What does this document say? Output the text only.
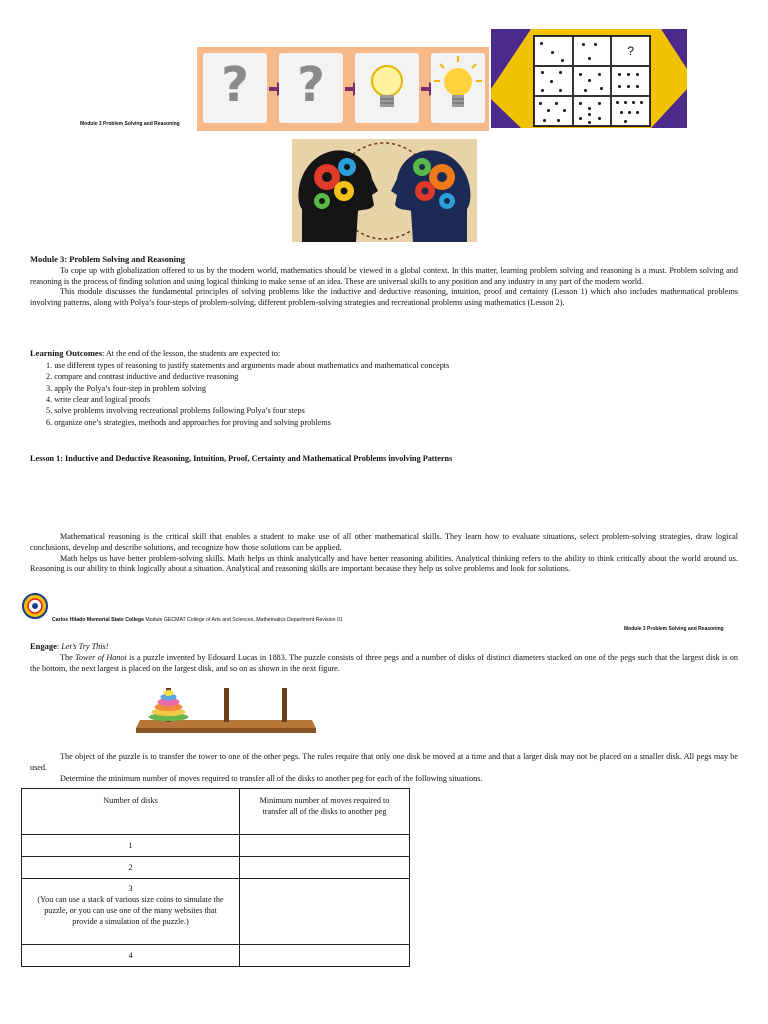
?	?
?
Module 3 Problem Solving and Reasoning
Module 3: Problem Solving and Reasoning
To cope up with globalization offered to us by the modern world, mathematics should be viewed in a global context. In this matter, learning problem solving and reasoning is a must. Problem solving and reasoning is the process of finding solution and using logical thinking to make sense of an idea. These are universal skills to any position and any industry in any part of the modern world.
This module discusses the fundamental principles of solving problems like the inductive and deductive reasoning, intuition, proof and certainty (Lesson 1) which also includes mathematical problems involving patterns, along with Polya’s four-steps of problem-solving, different problem-solving strategies and recreational problems using mathematics (Lesson 2).
Learning Outcomes: At the end of the lesson, the students are expected to:
1. use different types of reasoning to justify statements and arguments made about mathematics and mathematical concepts
2. compare and contrast inductive and deductive reasoning
3. apply the Polya’s four-step in problem solving
4. write clear and logical proofs
5. solve problems involving recreational problems following Polya’s four steps
6. organize one’s strategies, methods and approaches for proving and solving problems
Lesson 1: Inductive and Deductive Reasoning, Intuition, Proof, Certainty and Mathematical Problems involving Patterns
Mathematical reasoning is the critical skill that enables a student to make use of all other mathematical skills. They learn how to evaluate situations, select problem-solving strategies, draw logical conclusions, develop and describe solutions, and recognize how those solutions can be applied.
Math helps us have better problem-solving skills. Math helps us think analytically and have better reasoning abilities. Analytical thinking refers to the ability to think critically about the world around us. Reasoning is our ability to think logically about a situation. Analytical and reasoning skills are important because they help us solve problems and look for solutions.
Carlos Hilado Memorial State College Module GECMAT College of Arts and Sciences, Mathematics Department Revision 01
Module 3 Problem Solving and Reasoning
Engage: Let’s Try This!
The Tower of Hanoi is a puzzle invented by Edouard Lucas in 1883. The puzzle consists of three pegs and a number of disks of distinct diameters stacked on one of the pegs such that the largest disk is on the bottom, the next largest is placed on the largest disk, and so on as shown in the next figure.
The object of the puzzle is to transfer the tower to one of the other pegs. The rules require that only one disk be moved at a time and that a larger disk may not be placed on a smaller disk. All pegs may be used.
Determine the minimum number of moves required to transfer all of the disks to another peg for each of the following situations.
Number of disks	Minimum number of moves required to transfer all of the disks to another peg
1	
2	

3
(You can use a stack of various size coins to simulate the puzzle, or you can use one of the many websites that provide a simulation of the puzzle.)	

4	
